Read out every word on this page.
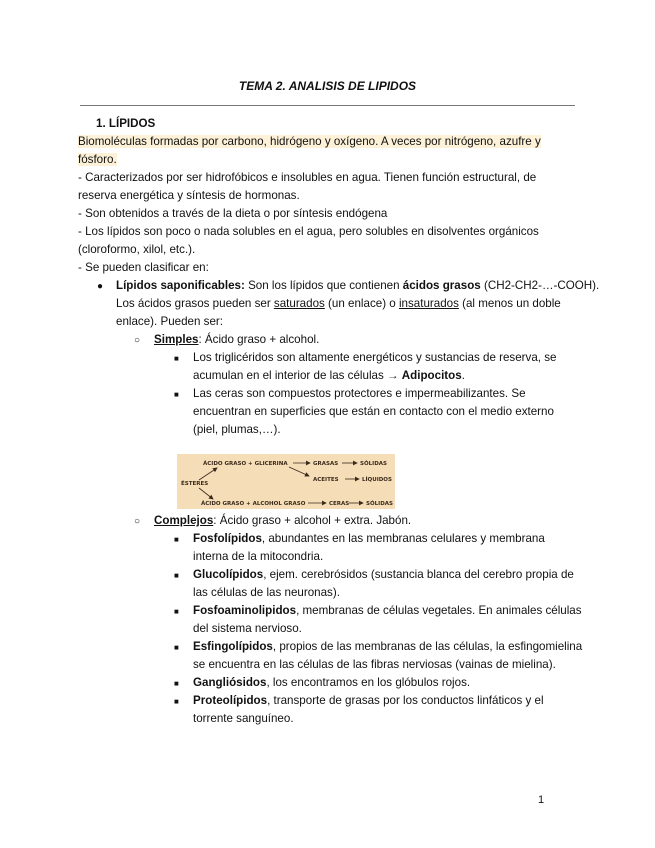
TEMA 2. ANALISIS DE LIPIDOS
1. LÍPIDOS
Biomoléculas formadas por carbono, hidrógeno y oxígeno. A veces por nitrógeno, azufre y
fósforo.
- Caracterizados por ser hidrofóbicos e insolubles en agua. Tienen función estructural, de
reserva energética y síntesis de hormonas.
- Son obtenidos a través de la dieta o por síntesis endógena
- Los lípidos son poco o nada solubles en el agua, pero solubles en disolventes orgánicos
(cloroformo, xilol, etc.).
- Se pueden clasificar en:
● Lípidos saponificables: Son los lípidos que contienen ácidos grasos (CH2-CH2-…-COOH).
Los ácidos grasos pueden ser saturados (un enlace) o insaturados (al menos un doble
enlace). Pueden ser:
○ Simples: Ácido graso + alcohol.
■ Los triglicéridos son altamente energéticos y sustancias de reserva, se
acumulan en el interior de las células → Adipocitos.
■ Las ceras son compuestos protectores e impermeabilizantes. Se
encuentran en superficies que están en contacto con el medio externo
(piel, plumas,…).
ÁCIDO GRASO + GLICERINA	GRASAS	SÓLIDAS
ACEITES	LÍQUIDOS
ÉSTERES
ÁCIDO GRASO + ALCOHOL GRASO	CERAS	SÓLIDAS
○ Complejos: Ácido graso + alcohol + extra. Jabón.
■ Fosfolípidos, abundantes en las membranas celulares y membrana
interna de la mitocondria.
■ Glucolípidos, ejem. cerebrósidos (sustancia blanca del cerebro propia de
las células de las neuronas).
■ Fosfoaminolipidos, membranas de células vegetales. En animales células
del sistema nervioso.
■ Esfingolípidos, propios de las membranas de las células, la esfingomielina
se encuentra en las células de las fibras nerviosas (vainas de mielina).
■ Gangliósidos, los encontramos en los glóbulos rojos.
■ Proteolípidos, transporte de grasas por los conductos linfáticos y el
torrente sanguíneo.
1
